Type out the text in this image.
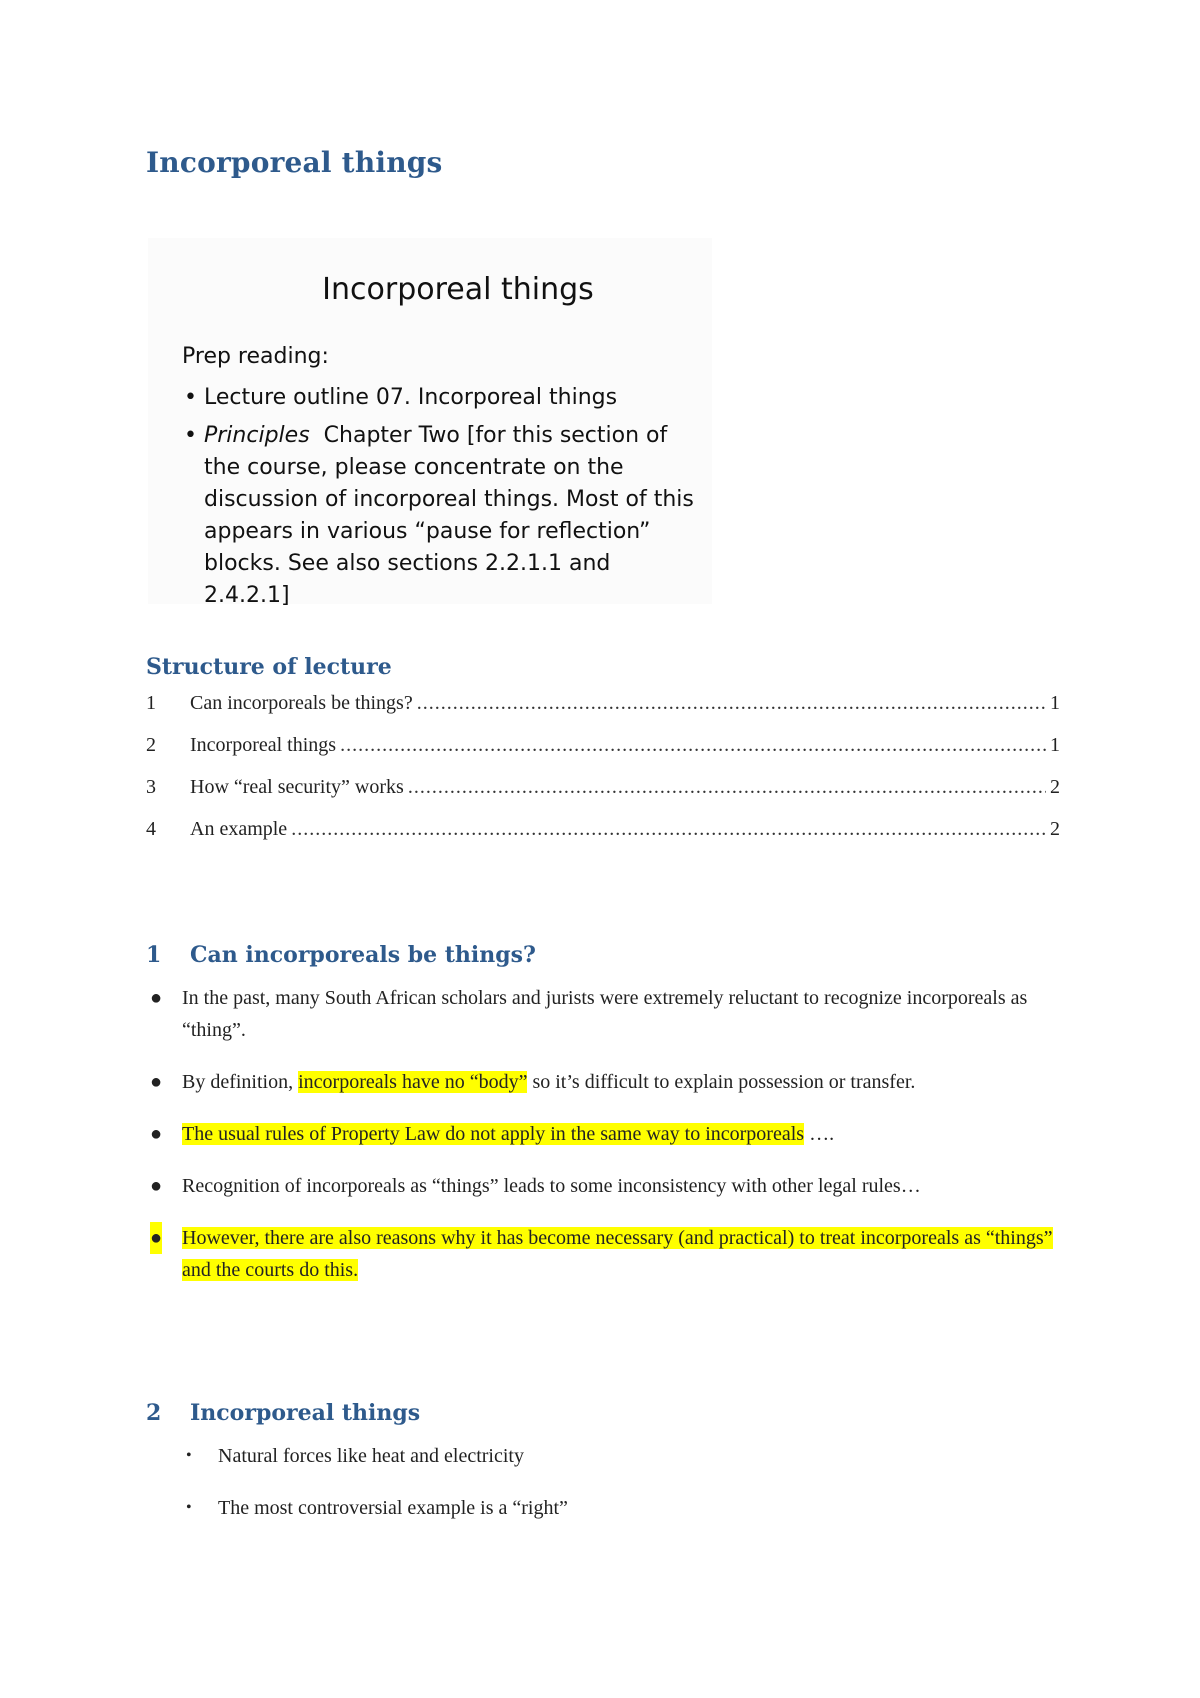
Incorporeal things
Incorporeal things
Prep reading:
• Lecture outline 07. Incorporeal things
• Principles Chapter Two [for this section of the course, please concentrate on the discussion of incorporeal things. Most of this appears in various “pause for reflection” blocks. See also sections 2.2.1.1 and 2.4.2.1]
Structure of lecture
1	Can incorporeals be things? .....	1
2	Incorporeal things .....	1
3	How “real security” works .....	2
4	An example .....	2
1 Can incorporeals be things?
● In the past, many South African scholars and jurists were extremely reluctant to recognize incorporeals as “thing”.
● By definition, incorporeals have no “body” so it’s difficult to explain possession or transfer.
● The usual rules of Property Law do not apply in the same way to incorporeals ….
● Recognition of incorporeals as “things” leads to some inconsistency with other legal rules…
● However, there are also reasons why it has become necessary (and practical) to treat incorporeals as “things” and the courts do this.
2 Incorporeal things
• Natural forces like heat and electricity
• The most controversial example is a “right”
